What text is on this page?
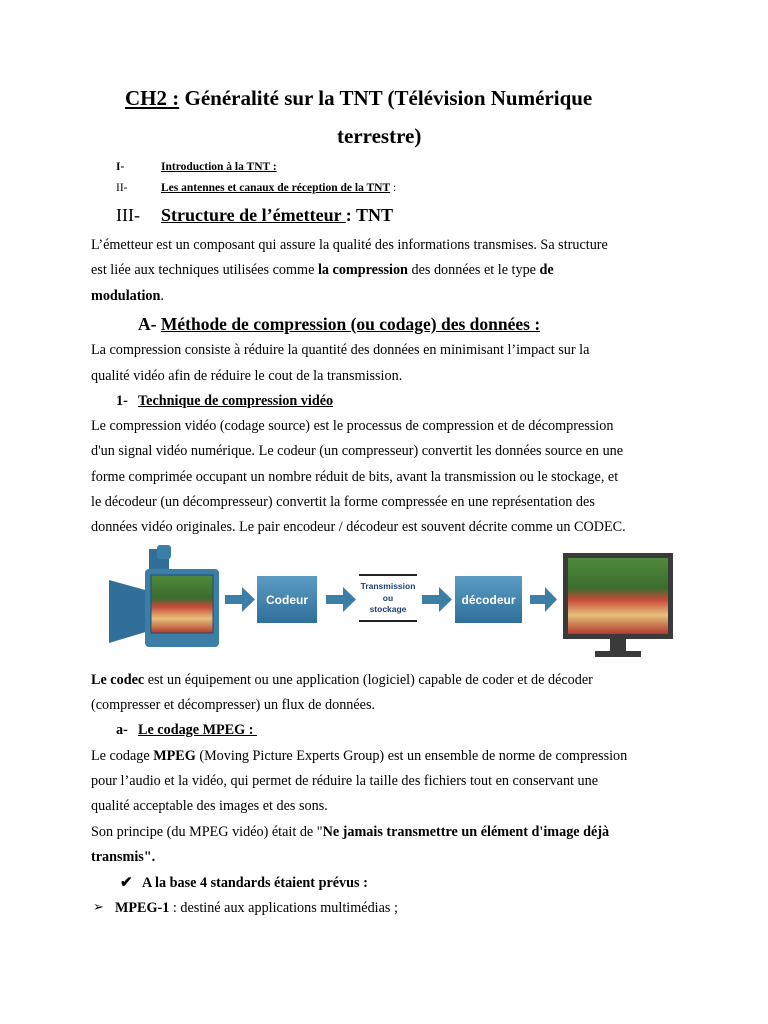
CH2 : Généralité sur la TNT (Télévision Numérique
terrestre)
I-	Introduction à la TNT :
II-	Les antennes et canaux de réception de la TNT :
III- Structure de l’émetteur : TNT
L’émetteur est un composant qui assure la qualité des informations transmises. Sa structure
est liée aux techniques utilisées comme la compression des données et le type de
modulation.
A- Méthode de compression (ou codage) des données :
La compression consiste à réduire la quantité des données en minimisant l’impact sur la
qualité vidéo afin de réduire le cout de la transmission.
1- Technique de compression vidéo
Le compression vidéo (codage source) est le processus de compression et de décompression
d'un signal vidéo numérique. Le codeur (un compresseur) convertit les données source en une
forme comprimée occupant un nombre réduit de bits, avant la transmission ou le stockage, et
le décodeur (un décompresseur) convertit la forme compressée en une représentation des
données vidéo originales. Le pair encodeur / décodeur est souvent décrite comme un CODEC.
Codeur
Transmission
ou
stockage
décodeur
Le codec est un équipement ou une application (logiciel) capable de coder et de décoder
(compresser et décompresser) un flux de données.
a- Le codage MPEG :
Le codage MPEG (Moving Picture Experts Group) est un ensemble de norme de compression
pour l’audio et la vidéo, qui permet de réduire la taille des fichiers tout en conservant une
qualité acceptable des images et des sons.
Son principe (du MPEG vidéo) était de "Ne jamais transmettre un élément d'image déjà
transmis".
✔ A la base 4 standards étaient prévus :
➢ MPEG-1 : destiné aux applications multimédias ;
